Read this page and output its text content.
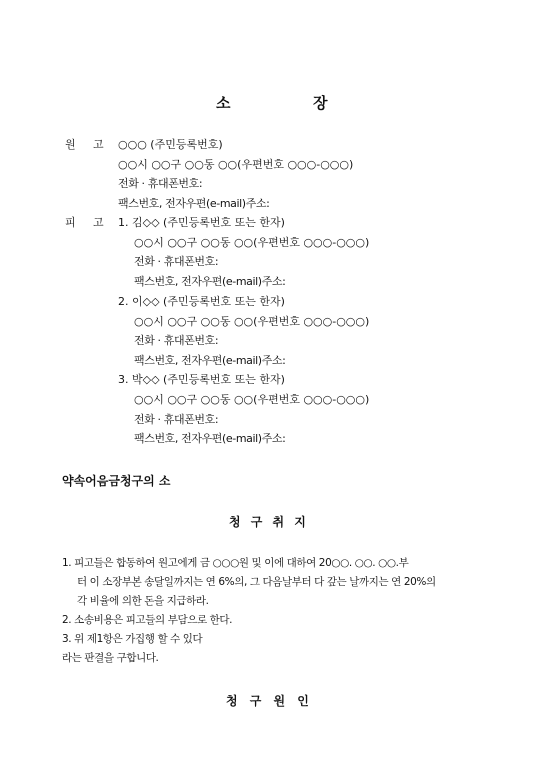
소	장
원 고 ○○○ (주민등록번호)
○○시 ○○구 ○○동 ○○(우편번호 ○○○-○○○)
전화 · 휴대폰번호:
팩스번호, 전자우편(e-mail)주소:
피 고 1. 김◇◇ (주민등록번호 또는 한자)
○○시 ○○구 ○○동 ○○(우편번호 ○○○-○○○)
전화 · 휴대폰번호:
팩스번호, 전자우편(e-mail)주소:
2. 이◇◇ (주민등록번호 또는 한자)
○○시 ○○구 ○○동 ○○(우편번호 ○○○-○○○)
전화 · 휴대폰번호:
팩스번호, 전자우편(e-mail)주소:
3. 박◇◇ (주민등록번호 또는 한자)
○○시 ○○구 ○○동 ○○(우편번호 ○○○-○○○)
전화 · 휴대폰번호:
팩스번호, 전자우편(e-mail)주소:
약속어음금청구의 소
청 구 취 지
1. 피고들은 합동하여 원고에게 금 ○○○원 및 이에 대하여 20○○. ○○. ○○.부
터 이 소장부본 송달일까지는 연 6%의, 그 다음날부터 다 갚는 날까지는 연 20%의
각 비율에 의한 돈을 지급하라.
2. 소송비용은 피고들의 부담으로 한다.
3. 위 제1항은 가집행 할 수 있다
라는 판결을 구합니다.
청 구 원 인
